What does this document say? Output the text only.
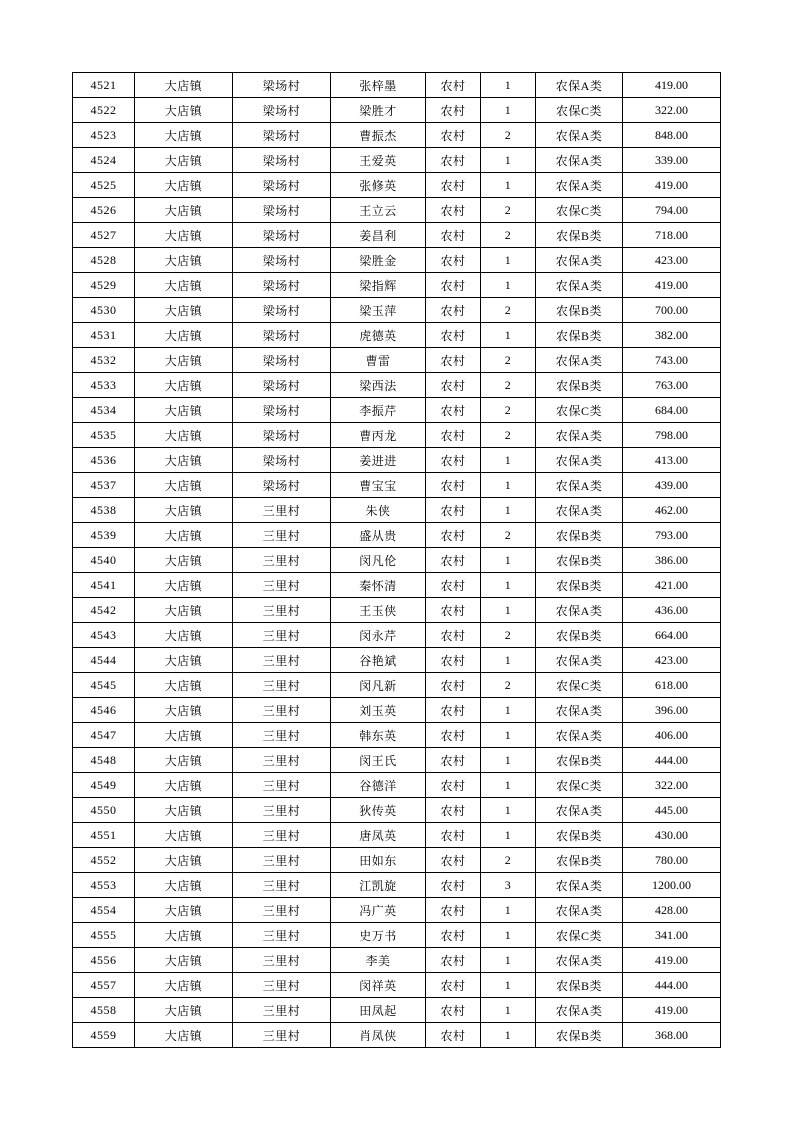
4521	大店镇	梁场村	张梓墨	农村	1	农保A类	419.00
4522	大店镇	梁场村	梁胜才	农村	1	农保C类	322.00
4523	大店镇	梁场村	曹振杰	农村	2	农保A类	848.00
4524	大店镇	梁场村	王爱英	农村	1	农保A类	339.00
4525	大店镇	梁场村	张修英	农村	1	农保A类	419.00
4526	大店镇	梁场村	王立云	农村	2	农保C类	794.00
4527	大店镇	梁场村	姜昌利	农村	2	农保B类	718.00
4528	大店镇	梁场村	梁胜金	农村	1	农保A类	423.00
4529	大店镇	梁场村	梁指辉	农村	1	农保A类	419.00
4530	大店镇	梁场村	梁玉萍	农村	2	农保B类	700.00
4531	大店镇	梁场村	虎德英	农村	1	农保B类	382.00
4532	大店镇	梁场村	曹雷	农村	2	农保A类	743.00
4533	大店镇	梁场村	梁西法	农村	2	农保B类	763.00
4534	大店镇	梁场村	李振芹	农村	2	农保C类	684.00
4535	大店镇	梁场村	曹丙龙	农村	2	农保A类	798.00
4536	大店镇	梁场村	姜进进	农村	1	农保A类	413.00
4537	大店镇	梁场村	曹宝宝	农村	1	农保A类	439.00
4538	大店镇	三里村	朱侠	农村	1	农保A类	462.00
4539	大店镇	三里村	盛从贵	农村	2	农保B类	793.00
4540	大店镇	三里村	闵凡伦	农村	1	农保B类	386.00
4541	大店镇	三里村	秦怀清	农村	1	农保B类	421.00
4542	大店镇	三里村	王玉侠	农村	1	农保A类	436.00
4543	大店镇	三里村	闵永芹	农村	2	农保B类	664.00
4544	大店镇	三里村	谷艳斌	农村	1	农保A类	423.00
4545	大店镇	三里村	闵凡新	农村	2	农保C类	618.00
4546	大店镇	三里村	刘玉英	农村	1	农保A类	396.00
4547	大店镇	三里村	韩东英	农村	1	农保A类	406.00
4548	大店镇	三里村	闵王氏	农村	1	农保B类	444.00
4549	大店镇	三里村	谷德洋	农村	1	农保C类	322.00
4550	大店镇	三里村	狄传英	农村	1	农保A类	445.00
4551	大店镇	三里村	唐凤英	农村	1	农保B类	430.00
4552	大店镇	三里村	田如东	农村	2	农保B类	780.00
4553	大店镇	三里村	江凯旋	农村	3	农保A类	1200.00
4554	大店镇	三里村	冯广英	农村	1	农保A类	428.00
4555	大店镇	三里村	史万书	农村	1	农保C类	341.00
4556	大店镇	三里村	李美	农村	1	农保A类	419.00
4557	大店镇	三里村	闵祥英	农村	1	农保B类	444.00
4558	大店镇	三里村	田凤起	农村	1	农保A类	419.00
4559	大店镇	三里村	肖凤侠	农村	1	农保B类	368.00
